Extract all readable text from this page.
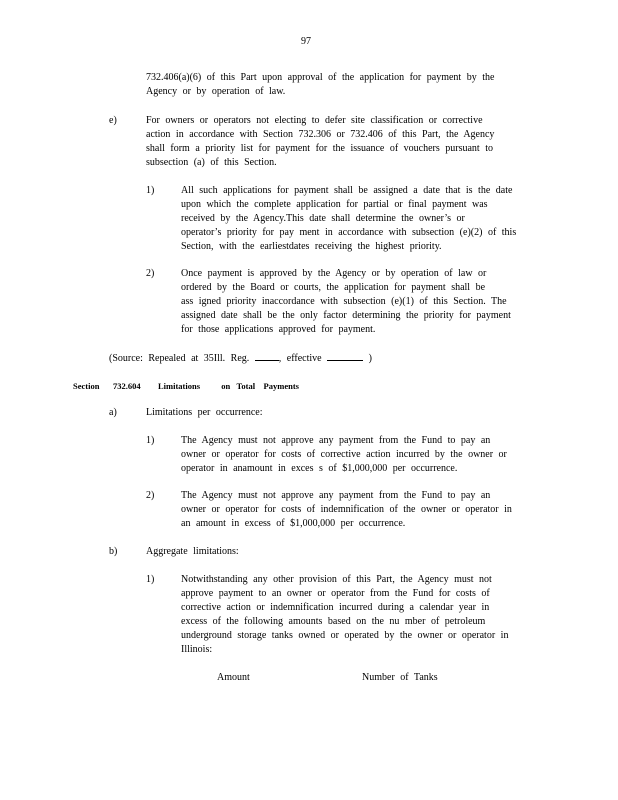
97
732.406(a)(6) of this Part upon approval of the application for payment by the
Agency or by operation of law.
e)	For owners or operators not electing to defer site classification or corrective
action in accordance with Section 732.306 or 732.406 of this Part, the Agency
shall form a priority list for payment for the issuance of vouchers pursuant to
subsection (a) of this Section.
1)	All such applications for payment shall be assigned a date that is the date
upon which the complete application for partial or final payment was
received by the Agency.This date shall determine the owner’s or
operator’s priority for pay ment in accordance with subsection (e)(2) of this
Section, with the earliestdates receiving the highest priority.
2)	Once payment is approved by the Agency or by operation of law or
ordered by the Board or courts, the application for payment shall be
ass igned priority inaccordance with subsection (e)(1) of this Section. The
assigned date shall be the only factor determining the priority for payment
for those applications approved for payment.
(Source: Repealed at 35Ill. Reg.	, effective	)
Section 732.604 Limitations          on   Total    Payments
a)	Limitations per occurrence:
1)	The Agency must not approve any payment from the Fund to pay an
owner or operator for costs of corrective action incurred by the owner or
operator in anamount in exces s of $1,000,000 per occurrence.
2)	The Agency must not approve any payment from the Fund to pay an
owner or operator for costs of indemnification of the owner or operator in
an amount in excess of $1,000,000 per occurrence.
b)	Aggregate limitations:
1)	Notwithstanding any other provision of this Part, the Agency must not
approve payment to an owner or operator from the Fund for costs of
corrective action or indemnification incurred during a calendar year in
excess of the following amounts based on the nu mber of petroleum
underground storage tanks owned or operated by the owner or operator in
Illinois:
Amount	Number of Tanks
